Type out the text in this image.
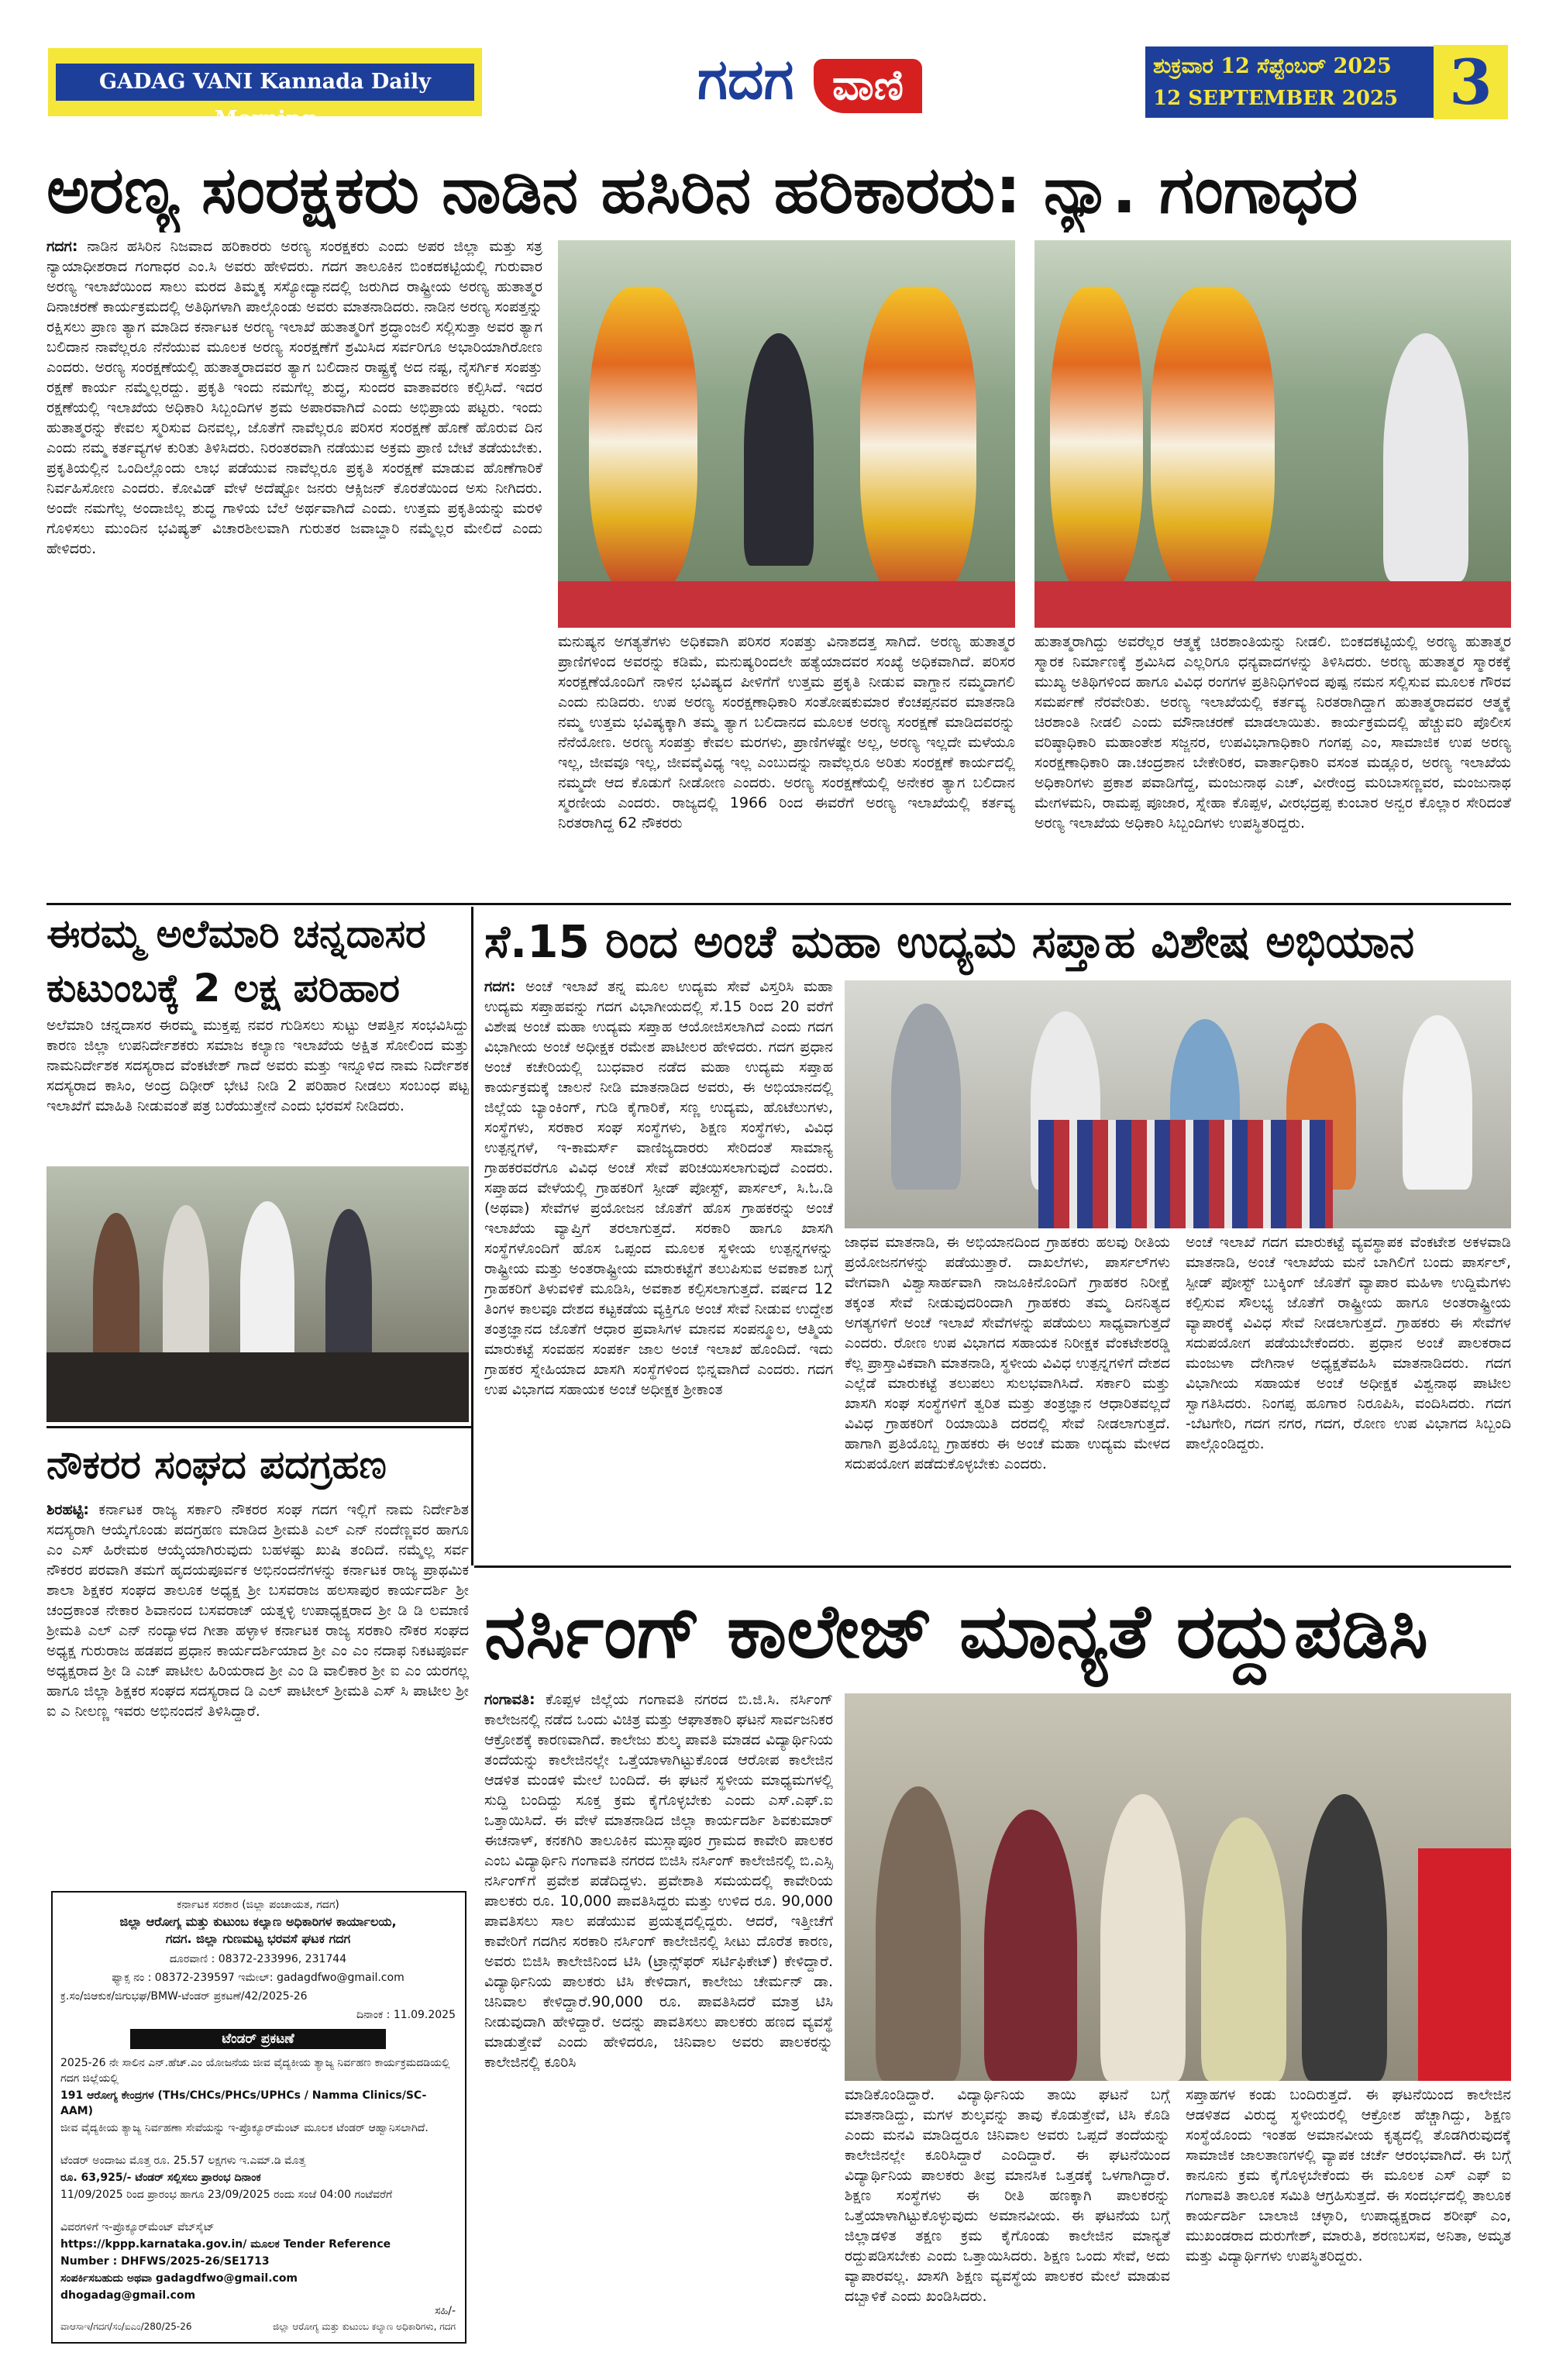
GADAG VANI Kannada Daily Morning
ಗದಗ ವಾಣಿ	ಶುಕ್ರವಾರ 12 ಸೆಪ್ಟೆಂಬರ್ 2025
12 SEPTEMBER 2025 3
ಅರಣ್ಯ ಸಂರಕ್ಷಕರು ನಾಡಿನ ಹಸಿರಿನ ಹರಿಕಾರರು: ನ್ಯಾ. ಗಂಗಾಧರ
ಗದಗ: ನಾಡಿನ ಹಸಿರಿನ ನಿಜವಾದ ಹರಿಕಾರರು ಅರಣ್ಯ ಸಂರಕ್ಷಕರು ಎಂದು ಅಪರ ಜಿಲ್ಲಾ ಮತ್ತು ಸತ್ರ ನ್ಯಾಯಾಧೀಶರಾದ ಗಂಗಾಧರ ಎಂ.ಸಿ ಅವರು ಹೇಳಿದರು. ಗದಗ ತಾಲೂಕಿನ ಬಿಂಕದಕಟ್ಟಿಯಲ್ಲಿ ಗುರುವಾರ ಅರಣ್ಯ ಇಲಾಖೆಯಿಂದ ಸಾಲು ಮರದ ತಿಮ್ಮಕ್ಕ ಸಸ್ಯೋದ್ಯಾನದಲ್ಲಿ ಜರುಗಿದ ರಾಷ್ಟ್ರೀಯ ಅರಣ್ಯ ಹುತಾತ್ಮರ ದಿನಾಚರಣೆ ಕಾರ್ಯಕ್ರಮದಲ್ಲಿ ಅತಿಥಿಗಳಾಗಿ ಪಾಲ್ಗೊಂಡು ಅವರು ಮಾತನಾಡಿದರು. ನಾಡಿನ ಅರಣ್ಯ ಸಂಪತ್ತನ್ನು ರಕ್ಷಿಸಲು ಪ್ರಾಣ ತ್ಯಾಗ ಮಾಡಿದ ಕರ್ನಾಟಕ ಅರಣ್ಯ ಇಲಾಖೆ ಹುತಾತ್ಮರಿಗೆ ಶ್ರದ್ಧಾಂಜಲಿ ಸಲ್ಲಿಸುತ್ತಾ ಅವರ ತ್ಯಾಗ ಬಲಿದಾನ ನಾವೆಲ್ಲರೂ ನೆನೆಯುವ ಮೂಲಕ ಅರಣ್ಯ ಸಂರಕ್ಷಣೆಗೆ ಶ್ರಮಿಸಿದ ಸರ್ವರಿಗೂ ಅಭಾರಿಯಾಗಿರೋಣ ಎಂದರು. ಅರಣ್ಯ ಸಂರಕ್ಷಣೆಯಲ್ಲಿ ಹುತಾತ್ಮರಾದವರ ತ್ಯಾಗ ಬಲಿದಾನ ರಾಷ್ಟ್ರಕ್ಕೆ ಅದ ನಷ್ಟ, ನೈಸರ್ಗಿಕ ಸಂಪತ್ತು ರಕ್ಷಣೆ ಕಾರ್ಯ ನಮ್ಮೆಲ್ಲರದ್ದು. ಪ್ರಕೃತಿ ಇಂದು ನಮಗೆಲ್ಲ ಶುದ್ಧ, ಸುಂದರ ವಾತಾವರಣ ಕಲ್ಪಿಸಿದೆ. ಇದರ ರಕ್ಷಣೆಯಲ್ಲಿ ಇಲಾಖೆಯ ಅಧಿಕಾರಿ ಸಿಬ್ಬಂದಿಗಳ ಶ್ರಮ ಅಪಾರವಾಗಿದೆ ಎಂದು ಅಭಿಪ್ರಾಯ ಪಟ್ಟರು. ಇಂದು ಹುತಾತ್ಮರನ್ನು ಕೇವಲ ಸ್ಮರಿಸುವ ದಿನವಲ್ಲ, ಜೊತೆಗೆ ನಾವೆಲ್ಲರೂ ಪರಿಸರ ಸಂರಕ್ಷಣೆ ಹೊಣೆ ಹೊರುವ ದಿನ ಎಂದು ನಮ್ಮ ಕರ್ತವ್ಯಗಳ ಕುರಿತು ತಿಳಿಸಿದರು. ನಿರಂತರವಾಗಿ ನಡೆಯುವ ಅಕ್ರಮ ಪ್ರಾಣಿ ಬೇಟೆ ತಡೆಯಬೇಕು. ಪ್ರಕೃತಿಯಲ್ಲಿನ ಒಂದಿಲ್ಲೊಂದು ಲಾಭ ಪಡೆಯುವ ನಾವೆಲ್ಲರೂ ಪ್ರಕೃತಿ ಸಂರಕ್ಷಣೆ ಮಾಡುವ ಹೊಣೆಗಾರಿಕೆ ನಿರ್ವಹಿಸೋಣ ಎಂದರು. ಕೋವಿಡ್ ವೇಳೆ ಅದೆಷ್ಟೋ ಜನರು ಆಕ್ಸಿಜನ್ ಕೊರತೆಯಿಂದ ಅಸು ನೀಗಿದರು. ಅಂದೇ ನಮಗೆಲ್ಲ ಅಂದಾಜಿಲ್ಲ ಶುದ್ಧ ಗಾಳಿಯ ಬೆಲೆ ಅರ್ಥವಾಗಿದೆ ಎಂದು. ಉತ್ತಮ ಪ್ರಕೃತಿಯನ್ನು ಮರಳಿ ಗೊಳಿಸಲು ಮುಂದಿನ ಭವಿಷ್ಯತ್ ವಿಚಾರಶೀಲವಾಗಿ ಗುರುತರ ಜವಾಬ್ದಾರಿ ನಮ್ಮೆಲ್ಲರ ಮೇಲಿದೆ ಎಂದು ಹೇಳಿದರು.
ಮನುಷ್ಯನ ಅಗತ್ಯತೆಗಳು ಅಧಿಕವಾಗಿ ಪರಿಸರ ಸಂಪತ್ತು ವಿನಾಶದತ್ತ ಸಾಗಿದೆ. ಅರಣ್ಯ ಹುತಾತ್ಮರ ಪ್ರಾಣಿಗಳಿಂದ ಅವರನ್ನು ಕಡಿಮೆ, ಮನುಷ್ಯರಿಂದಲೇ ಹತ್ಯೆಯಾದವರ ಸಂಖ್ಯೆ ಅಧಿಕವಾಗಿದೆ. ಪರಿಸರ ಸಂರಕ್ಷಣೆಯೊಂದಿಗೆ ನಾಳಿನ ಭವಿಷ್ಯದ ಪೀಳಿಗೆಗೆ ಉತ್ತಮ ಪ್ರಕೃತಿ ನೀಡುವ ವಾಗ್ದಾನ ನಮ್ಮದಾಗಲಿ ಎಂದು ನುಡಿದರು. ಉಪ ಅರಣ್ಯ ಸಂರಕ್ಷಣಾಧಿಕಾರಿ ಸಂತೋಷಕುಮಾರ ಕೆಂಚಪ್ಪನವರ ಮಾತನಾಡಿ ನಮ್ಮ ಉತ್ತಮ ಭವಿಷ್ಯಕ್ಕಾಗಿ ತಮ್ಮ ತ್ಯಾಗ ಬಲಿದಾನದ ಮೂಲಕ ಅರಣ್ಯ ಸಂರಕ್ಷಣೆ ಮಾಡಿದವರನ್ನು ನೆನೆಯೋಣ. ಅರಣ್ಯ ಸಂಪತ್ತು ಕೇವಲ ಮರಗಳು, ಪ್ರಾಣಿಗಳಷ್ಟೇ ಅಲ್ಲ, ಅರಣ್ಯ ಇಲ್ಲದೇ ಮಳೆಯೂ ಇಲ್ಲ, ಜೀವವೂ ಇಲ್ಲ, ಜೀವವೈವಿಧ್ಯ ಇಲ್ಲ ಎಂಬುದನ್ನು ನಾವೆಲ್ಲರೂ ಅರಿತು ಸಂರಕ್ಷಣೆ ಕಾರ್ಯದಲ್ಲಿ ನಮ್ಮದೇ ಆದ ಕೊಡುಗೆ ನೀಡೋಣ ಎಂದರು. ಅರಣ್ಯ ಸಂರಕ್ಷಣೆಯಲ್ಲಿ ಅನೇಕರ ತ್ಯಾಗ ಬಲಿದಾನ ಸ್ಮರಣೀಯ ಎಂದರು. ರಾಜ್ಯದಲ್ಲಿ 1966 ರಿಂದ ಈವರೆಗೆ ಅರಣ್ಯ ಇಲಾಖೆಯಲ್ಲಿ ಕರ್ತವ್ಯ ನಿರತರಾಗಿದ್ದ 62 ನೌಕರರು
ಹುತಾತ್ಮರಾಗಿದ್ದು ಅವರೆಲ್ಲರ ಆತ್ಮಕ್ಕೆ ಚಿರಶಾಂತಿಯನ್ನು ನೀಡಲಿ. ಬಿಂಕದಕಟ್ಟಿಯಲ್ಲಿ ಅರಣ್ಯ ಹುತಾತ್ಮರ ಸ್ಮಾರಕ ನಿರ್ಮಾಣಕ್ಕೆ ಶ್ರಮಿಸಿದ ಎಲ್ಲರಿಗೂ ಧನ್ಯವಾದಗಳನ್ನು ತಿಳಿಸಿದರು. ಅರಣ್ಯ ಹುತಾತ್ಮರ ಸ್ಮಾರಕಕ್ಕೆ ಮುಖ್ಯ ಅತಿಥಿಗಳಿಂದ ಹಾಗೂ ವಿವಿಧ ರಂಗಗಳ ಪ್ರತಿನಿಧಿಗಳಿಂದ ಪುಷ್ಪ ನಮನ ಸಲ್ಲಿಸುವ ಮೂಲಕ ಗೌರವ ಸಮರ್ಪಣೆ ನೆರವೇರಿತು. ಅರಣ್ಯ ಇಲಾಖೆಯಲ್ಲಿ ಕರ್ತವ್ಯ ನಿರತರಾಗಿದ್ದಾಗ ಹುತಾತ್ಮರಾದವರ ಆತ್ಮಕ್ಕೆ ಚಿರಶಾಂತಿ ನೀಡಲಿ ಎಂದು ಮೌನಾಚರಣೆ ಮಾಡಲಾಯಿತು. ಕಾರ್ಯಕ್ರಮದಲ್ಲಿ ಹೆಚ್ಚುವರಿ ಪೊಲೀಸ ವರಿಷ್ಠಾಧಿಕಾರಿ ಮಹಾಂತೇಶ ಸಜ್ಜನರ, ಉಪವಿಭಾಗಾಧಿಕಾರಿ ಗಂಗಪ್ಪ ಎಂ, ಸಾಮಾಜಿಕ ಉಪ ಅರಣ್ಯ ಸಂರಕ್ಷಣಾಧಿಕಾರಿ ಡಾ.ಚಂದ್ರಶಾನ ಬೇಕೇರಿಕರ, ವಾರ್ತಾಧಿಕಾರಿ ವಸಂತ ಮಡ್ಲೂರ, ಅರಣ್ಯ ಇಲಾಖೆಯ ಅಧಿಕಾರಿಗಳು ಪ್ರಕಾಶ ಪವಾಡಿಗೆದ್ದ, ಮಂಜುನಾಥ ಎಚ್, ವೀರೇಂದ್ರ ಮರಿಬಾಸಣ್ಣವರ, ಮಂಜುನಾಥ ಮೇಗಳಮನಿ, ರಾಮಪ್ಪ ಪೂಜಾರ, ಸ್ನೇಹಾ ಕೊಪ್ಪಳ, ವೀರಭದ್ರಪ್ಪ ಕುಂಬಾರ ಅನ್ವರ ಕೊಲ್ಲಾರ ಸೇರಿದಂತೆ ಅರಣ್ಯ ಇಲಾಖೆಯ ಅಧಿಕಾರಿ ಸಿಬ್ಬಂದಿಗಳು ಉಪಸ್ಥಿತರಿದ್ದರು.
ಈರಮ್ಮ ಅಲೆಮಾರಿ ಚನ್ನದಾಸರ
ಕುಟುಂಬಕ್ಕೆ 2 ಲಕ್ಷ ಪರಿಹಾರ
ಅಲೆಮಾರಿ ಚನ್ನದಾಸರ ಈರಮ್ಮ ಮುಕ್ತಪ್ಪ ನವರ ಗುಡಿಸಲು ಸುಟ್ಟು ಆಪತ್ತಿನ ಸಂಭವಿಸಿದ್ದು ಕಾರಣ ಜಿಲ್ಲಾ ಉಪನಿರ್ದೇಶಕರು ಸಮಾಜ ಕಲ್ಯಾಣ ಇಲಾಖೆಯ ಅಕ್ಷಿತ ಸೋಲಿಂದ ಮತ್ತು ನಾಮನಿರ್ದೇಶಕ ಸದಸ್ಯರಾದ ವೆಂಕಟೇಶ್ ಗಾದೆ ಅವರು ಮತ್ತು ಇನ್ನೂಳಿದ ನಾಮ ನಿರ್ದೇಶಕ ಸದಸ್ಯರಾದ ಕಾಸಿಂ, ಅಂದ್ರ ದಿಢೀರ್ ಭೇಟಿ ನೀಡಿ 2 ಪರಿಹಾರ ನೀಡಲು ಸಂಬಂಧ ಪಟ್ಟ ಇಲಾಖೆಗೆ ಮಾಹಿತಿ ನೀಡುವಂತೆ ಪತ್ರ ಬರೆಯುತ್ತೇನೆ ಎಂದು ಭರವಸೆ ನೀಡಿದರು.
ಸೆ.15 ರಿಂದ ಅಂಚೆ ಮಹಾ ಉದ್ಯಮ ಸಪ್ತಾಹ ವಿಶೇಷ ಅಭಿಯಾನ
ಗದಗ: ಅಂಚೆ ಇಲಾಖೆ ತನ್ನ ಮೂಲ ಉದ್ಯಮ ಸೇವೆ ವಿಸ್ತರಿಸಿ ಮಹಾ ಉದ್ಯಮ ಸಪ್ತಾಹವನ್ನು ಗದಗ ವಿಭಾಗೀಯದಲ್ಲಿ ಸೆ.15 ರಿಂದ 20 ವರೆಗೆ ವಿಶೇಷ ಅಂಚೆ ಮಹಾ ಉದ್ಯಮ ಸಪ್ತಾಹ ಆಯೋಜಿಸಲಾಗಿದೆ ಎಂದು ಗದಗ ವಿಭಾಗೀಯ ಅಂಚೆ ಅಧೀಕ್ಷಕ ರಮೇಶ ಪಾಟೀಲರ ಹೇಳಿದರು. ಗದಗ ಪ್ರಧಾನ ಅಂಚೆ ಕಚೇರಿಯಲ್ಲಿ ಬುಧವಾರ ನಡೆದ ಮಹಾ ಉದ್ಯಮ ಸಪ್ತಾಹ ಕಾರ್ಯಕ್ರಮಕ್ಕೆ ಚಾಲನೆ ನೀಡಿ ಮಾತನಾಡಿದ ಅವರು, ಈ ಅಭಿಯಾನದಲ್ಲಿ ಜಿಲ್ಲೆಯ ಬ್ಯಾಂಕಿಂಗ್, ಗುಡಿ ಕೈಗಾರಿಕೆ, ಸಣ್ಣ ಉದ್ಯಮ, ಹೊಟೆಲುಗಳು, ಸಂಸ್ಥೆಗಳು, ಸರಕಾರ ಸಂಘ ಸಂಸ್ಥೆಗಳು, ಶಿಕ್ಷಣ ಸಂಸ್ಥೆಗಳು, ವಿವಿಧ ಉತ್ಪನ್ನಗಳೆ, ಇ-ಕಾಮರ್ಸ್ ವಾಣಿಜ್ಯದಾರರು ಸೇರಿದಂತೆ ಸಾಮಾನ್ಯ ಗ್ರಾಹಕರವರೆಗೂ ವಿವಿಧ ಅಂಚೆ ಸೇವೆ ಪರಿಚಯಿಸಲಾಗುವುದೆ ಎಂದರು. ಸಪ್ತಾಹದ ವೇಳೆಯಲ್ಲಿ ಗ್ರಾಹಕರಿಗೆ ಸ್ಪೀಡ್ ಪೋಸ್ಟ್, ಪಾರ್ಸಲ್, ಸಿ.ಓ.ಡಿ (ಅಥವಾ) ಸೇವೆಗಳ ಪ್ರಯೋಜನ ಜೊತೆಗೆ ಹೊಸ ಗ್ರಾಹಕರನ್ನು ಅಂಚೆ ಇಲಾಖೆಯ ವ್ಯಾಪ್ತಿಗೆ ತರಲಾಗುತ್ತದೆ. ಸರಕಾರಿ ಹಾಗೂ ಖಾಸಗಿ ಸಂಸ್ಥೆಗಳೊಂದಿಗೆ ಹೊಸ ಒಪ್ಪಂದ ಮೂಲಕ ಸ್ಥಳೀಯ ಉತ್ಪನ್ನಗಳನ್ನು ರಾಷ್ಟ್ರೀಯ ಮತ್ತು ಅಂತರಾಷ್ಟ್ರೀಯ ಮಾರುಕಟ್ಟೆಗೆ ತಲುಪಿಸುವ ಅವಕಾಶ ಬಗ್ಗೆ ಗ್ರಾಹಕರಿಗೆ ತಿಳುವಳಿಕೆ ಮೂಡಿಸಿ, ಅವಕಾಶ ಕಲ್ಪಿಸಲಾಗುತ್ತದೆ. ವರ್ಷದ 12 ತಿಂಗಳ ಕಾಲವೂ ದೇಶದ ಕಟ್ಟಕಡೆಯ ವ್ಯಕ್ತಿಗೂ ಅಂಚೆ ಸೇವೆ ನೀಡುವ ಉದ್ದೇಶ ತಂತ್ರಜ್ಞಾನದ ಜೊತೆಗೆ ಆಧಾರ ಪ್ರವಾಸಿಗಳ ಮಾನವ ಸಂಪನ್ಮೂಲ, ಆತ್ಮಿಯ ಮಾರುಕಟ್ಟೆ ಸಂವಹನ ಸಂಪರ್ಕ ಜಾಲ ಅಂಚೆ ಇಲಾಖೆ ಹೊಂದಿದೆ. ಇದು ಗ್ರಾಹಕರ ಸ್ನೇಹಿಯಾದ ಖಾಸಗಿ ಸಂಸ್ಥೆಗಳಿಂದ ಭಿನ್ನವಾಗಿದೆ ಎಂದರು. ಗದಗ ಉಪ ವಿಭಾಗದ ಸಹಾಯಕ ಅಂಚೆ ಅಧೀಕ್ಷಕ ಶ್ರೀಕಾಂತ
ಜಾಧವ ಮಾತನಾಡಿ, ಈ ಅಭಿಯಾನದಿಂದ ಗ್ರಾಹಕರು ಹಲವು ರೀತಿಯ ಪ್ರಯೋಜನಗಳನ್ನು ಪಡೆಯುತ್ತಾರೆ. ದಾಖಲೆಗಳು, ಪಾರ್ಸಲ್‌ಗಳು ವೇಗವಾಗಿ ವಿಶ್ವಾಸಾರ್ಹವಾಗಿ ನಾಜೂಕಿನೊಂದಿಗೆ ಗ್ರಾಹಕರ ನಿರೀಕ್ಷೆ ತಕ್ಕಂತ ಸೇವೆ ನೀಡುವುದರಿಂದಾಗಿ ಗ್ರಾಹಕರು ತಮ್ಮ ದಿನನಿತ್ಯದ ಅಗತ್ಯಗಳಿಗೆ ಅಂಚೆ ಇಲಾಖೆ ಸೇವೆಗಳನ್ನು ಪಡೆಯಲು ಸಾಧ್ಯವಾಗುತ್ತದೆ ಎಂದರು. ರೋಣ ಉಪ ವಿಭಾಗದ ಸಹಾಯಕ ನಿರೀಕ್ಷಕ ವೆಂಕಟೇಶರಡ್ಡಿ ಕೆಲ್ಲ ಪ್ರಾಸ್ತಾವಿಕವಾಗಿ ಮಾತನಾಡಿ, ಸ್ಥಳೀಯ ವಿವಿಧ ಉತ್ಪನ್ನಗಳಿಗೆ ದೇಶದ ಎಲ್ಲೆಡೆ ಮಾರುಕಟ್ಟೆ ತಲುಪಲು ಸುಲಭವಾಗಿಸಿದೆ. ಸರ್ಕಾರಿ ಮತ್ತು ಖಾಸಗಿ ಸಂಘ ಸಂಸ್ಥೆಗಳಿಗೆ ತ್ವರಿತ ಮತ್ತು ತಂತ್ರಜ್ಞಾನ ಆಧಾರಿತವಲ್ಲದೆ ವಿವಿಧ ಗ್ರಾಹಕರಿಗೆ ರಿಯಾಯಿತಿ ದರದಲ್ಲಿ ಸೇವೆ ನೀಡಲಾಗುತ್ತದೆ. ಹಾಗಾಗಿ ಪ್ರತಿಯೊಬ್ಬ ಗ್ರಾಹಕರು ಈ ಅಂಚೆ ಮಹಾ ಉದ್ಯಮ ಮೇಳದ ಸದುಪಯೋಗ ಪಡೆದುಕೊಳ್ಳಬೇಕು ಎಂದರು.
ಅಂಚೆ ಇಲಾಖೆ ಗದಗ ಮಾರುಕಟ್ಟೆ ವ್ಯವಸ್ಥಾಪಕ ವೆಂಕಟೇಶ ಅಕಳವಾಡಿ ಮಾತನಾಡಿ, ಅಂಚೆ ಇಲಾಖೆಯ ಮನೆ ಬಾಗಿಲಿಗೆ ಬಂದು ಪಾರ್ಸಲ್, ಸ್ಪೀಡ್ ಪೋಸ್ಟ್ ಬುಕ್ಕಿಂಗ್ ಜೊತೆಗೆ ವ್ಯಾಪಾರ ಮಹಿಳಾ ಉದ್ದಿಮೆಗಳು ಕಲ್ಪಿಸುವ ಸೌಲಭ್ಯ ಜೊತೆಗೆ ರಾಷ್ಟ್ರೀಯ ಹಾಗೂ ಅಂತರಾಷ್ಟ್ರೀಯ ವ್ಯಾಪಾರಕ್ಕೆ ವಿವಿಧ ಸೇವೆ ನೀಡಲಾಗುತ್ತದೆ. ಗ್ರಾಹಕರು ಈ ಸೇವೆಗಳ ಸದುಪಯೋಗ ಪಡೆಯಬೇಕೆಂದರು. ಪ್ರಧಾನ ಅಂಚೆ ಪಾಲಕರಾದ ಮಂಜುಳಾ ದೇಗಿನಾಳ ಅಧ್ಯಕ್ಷತೆವಹಿಸಿ ಮಾತನಾಡಿದರು. ಗದಗ ವಿಭಾಗೀಯ ಸಹಾಯಕ ಅಂಚೆ ಅಧೀಕ್ಷಕ ವಿಶ್ವನಾಥ ಪಾಟೀಲ ಸ್ವಾಗತಿಸಿದರು. ನಿಂಗಪ್ಪ ಹೂಗಾರ ನಿರೂಪಿಸಿ, ವಂದಿಸಿದರು. ಗದಗ -ಬೆಟಗೇರಿ, ಗದಗ ನಗರ, ಗದಗ, ರೋಣ ಉಪ ವಿಭಾಗದ ಸಿಬ್ಬಂದಿ ಪಾಲ್ಗೊಂಡಿದ್ದರು.
ನೌಕರರ ಸಂಘದ ಪದಗ್ರಹಣ
ಶಿರಹಟ್ಟಿ: ಕರ್ನಾಟಕ ರಾಜ್ಯ ಸರ್ಕಾರಿ ನೌಕರರ ಸಂಘ ಗದಗ ಇಲ್ಲಿಗೆ ನಾಮ ನಿರ್ದೇಶಿತ ಸದಸ್ಯರಾಗಿ ಆಯ್ಕೆಗೊಂಡು ಪದಗ್ರಹಣ ಮಾಡಿದ ಶ್ರೀಮತಿ ಎಲ್ ಎನ್ ನಂದೆಣ್ಣವರ ಹಾಗೂ ಎಂ ಎಸ್ ಹಿರೇಮಠ ಆಯ್ಕೆಯಾಗಿರುವುದು ಬಹಳಷ್ಟು ಖುಷಿ ತಂದಿದೆ. ನಮ್ಮೆಲ್ಲ ಸರ್ವ ನೌಕರರ ಪರವಾಗಿ ತಮಗೆ ಹೃದಯಪೂರ್ವಕ ಅಭಿನಂದನೆಗಳನ್ನು ಕರ್ನಾಟಕ ರಾಜ್ಯ ಪ್ರಾಥಮಿಕ ಶಾಲಾ ಶಿಕ್ಷಕರ ಸಂಘದ ತಾಲೂಕ ಅಧ್ಯಕ್ಷ ಶ್ರೀ ಬಸವರಾಜ ಹಲಸಾಪುರ ಕಾರ್ಯದರ್ಶಿ ಶ್ರೀ ಚಂದ್ರಕಾಂತ ನೇಕಾರ ಶಿವಾನಂದ ಬಸವರಾಜ್ ಯತ್ನಳ್ಳಿ ಉಪಾಧ್ಯಕ್ಷರಾದ ಶ್ರೀ ಡಿ ಡಿ ಲಮಾಣಿ ಶ್ರೀಮತಿ ಎಲ್ ಎನ್ ನಂದ್ಯಾಳದ ಗೀತಾ ಹಳ್ಳಾಳ ಕರ್ನಾಟಕ ರಾಜ್ಯ ಸರಕಾರಿ ನೌಕರ ಸಂಘದ ಅಧ್ಯಕ್ಷ ಗುರುರಾಜ ಹಡಪದ ಪ್ರಧಾನ ಕಾರ್ಯದರ್ಶಿಯಾದ ಶ್ರೀ ಎಂ ಎಂ ನದಾಫ ನಿಕಟಪೂರ್ವ ಅಧ್ಯಕ್ಷರಾದ ಶ್ರೀ ಡಿ ಎಚ್ ಪಾಟೀಲ ಹಿರಿಯರಾದ ಶ್ರೀ ಎಂ ಡಿ ವಾಲಿಕಾರ ಶ್ರೀ ಐ ಎಂ ಯರಗಲ್ಲ ಹಾಗೂ ಜಿಲ್ಲಾ ಶಿಕ್ಷಕರ ಸಂಘದ ಸದಸ್ಯರಾದ ಡಿ ಎಲ್ ಪಾಟೀಲ್ ಶ್ರೀಮತಿ ಎಸ್ ಸಿ ಪಾಟೀಲ ಶ್ರೀ ಐ ಎ ನೀಲಣ್ಣ ಇವರು ಅಭಿನಂದನೆ ತಿಳಿಸಿದ್ದಾರೆ.
ಕರ್ನಾಟಕ ಸರಕಾರ (ಜಿಲ್ಲಾ ಪಂಚಾಯತ, ಗದಗ)
ಜಿಲ್ಲಾ ಆರೋಗ್ಯ ಮತ್ತು ಕುಟುಂಬ ಕಲ್ಯಾಣ ಅಧಿಕಾರಿಗಳ ಕಾರ್ಯಾಲಯ,
ಗದಗ. ಜಿಲ್ಲಾ ಗುಣಮಟ್ಟ ಭರವಸೆ ಘಟಕ ಗದಗ
ದೂರವಾಣಿ : 08372-233996, 231744
ಫ್ಯಾಕ್ಸ ನಂ : 08372-239597 ಇಮೇಲ್: gadagdfwo@gmail.com
ಕ್ರ.ಸಂ/ಜಿಆಕುಕ/ಜಿಗುಭಘ/BMW-ಟೆಂಡರ್ ಪ್ರಕಟಣೆ/42/2025-26
ದಿನಾಂಕ : 11.09.2025
ಟೆಂಡರ್ ಪ್ರಕಟಣೆ
2025-26 ನೇ ಸಾಲಿನ ಎನ್.ಹೆಚ್.ಎಂ ಯೋಜನೆಯ ಜೀವ ವೈದ್ಯಕೀಯ ತ್ಯಾಜ್ಯ ನಿರ್ವಹಣ ಕಾರ್ಯಕ್ರಮದಡಿಯಲ್ಲಿ ಗದಗ ಜಿಲ್ಲೆಯಲ್ಲಿ
191 ಆರೋಗ್ಯ ಕೇಂದ್ರಗಳ (THs/CHCs/PHCs/UPHCs / Namma Clinics/SC-AAM)
ಜೀವ ವೈದ್ಯಕೀಯ ತ್ಯಾಜ್ಯ ನಿರ್ವಹಣಾ ಸೇವೆಯನ್ನು ಇ-ಪ್ರೊಕ್ಯೂರ್‌ಮೆಂಟ್ ಮೂಲಕ ಟೆಂಡರ್ ಆಹ್ವಾನಿಸಲಾಗಿದೆ.
ಟೆಂಡರ್ ಅಂದಾಜು ಮೊತ್ತ ರೂ. 25.57 ಲಕ್ಷಗಳು ಇ.ಎಮ್.ಡಿ ಮೊತ್ತ
ರೂ. 63,925/- ಟೆಂಡರ್ ಸಲ್ಲಿಸಲು ಪ್ರಾರಂಭ ದಿನಾಂಕ
11/09/2025 ರಿಂದ ಪ್ರಾರಂಭ ಹಾಗೂ 23/09/2025 ರಂದು ಸಂಜೆ 04:00 ಗಂಟೆವರೆಗೆ
ವಿವರಗಳಿಗೆ ಇ-ಪ್ರೊಕ್ಯೂರ್‌ಮೆಂಟ್ ವೆಬ್‌ಸೈಟ್
https://kppp.karnataka.gov.in/ ಮೂಲಕ Tender Reference
Number : DHFWS/2025-26/SE1713
ಸಂಪರ್ಕಿಸಬಹುದು ಅಥವಾ gadagdfwo@gmail.com
dhogadag@gmail.com
ಸಹಿ/-
ಜಿಲ್ಲಾ ಆರೋಗ್ಯ ಮತ್ತು ಕುಟುಂಬ ಕಲ್ಯಾಣ ಅಧಿಕಾರಿಗಳು, ಗದಗ
ವಾಆಸಾಇ/ಗದಗ/ಸಂ/ಐಎಂ/280/25-26
ನರ್ಸಿಂಗ್ ಕಾಲೇಜ್ ಮಾನ್ಯತೆ ರದ್ದುಪಡಿಸಿ
ಗಂಗಾವತಿ: ಕೊಪ್ಪಳ ಜಿಲ್ಲೆಯ ಗಂಗಾವತಿ ನಗರದ ಬಿ.ಜಿ.ಸಿ. ನರ್ಸಿಂಗ್ ಕಾಲೇಜನಲ್ಲಿ ನಡೆದ ಒಂದು ವಿಚಿತ್ರ ಮತ್ತು ಆಘಾತಕಾರಿ ಘಟನೆ ಸಾರ್ವಜನಿಕರ ಆಕ್ರೋಶಕ್ಕೆ ಕಾರಣವಾಗಿದೆ. ಕಾಲೇಜು ಶುಲ್ಕ ಪಾವತಿ ಮಾಡದ ವಿದ್ಯಾರ್ಥಿನಿಯ ತಂದೆಯನ್ನು ಕಾಲೇಜಿನಲ್ಲೇ ಒತ್ತೆಯಾಳಾಗಿಟ್ಟುಕೊಂಡ ಆರೋಪ ಕಾಲೇಜಿನ ಆಡಳಿತ ಮಂಡಳಿ ಮೇಲೆ ಬಂದಿದೆ. ಈ ಘಟನೆ ಸ್ಥಳೀಯ ಮಾಧ್ಯಮಗಳಲ್ಲಿ ಸುದ್ದಿ ಬಂದಿದ್ದು ಸೂಕ್ತ ಕ್ರಮ ಕೈಗೊಳ್ಳಬೇಕು ಎಂದು ಎಸ್.ಎಫ್.ಐ ಒತ್ತಾಯಿಸಿದೆ. ಈ ವೇಳೆ ಮಾತನಾಡಿದ ಜಿಲ್ಲಾ ಕಾರ್ಯದರ್ಶಿ ಶಿವಕುಮಾರ್ ಈಚನಾಳ್, ಕನಕಗಿರಿ ತಾಲೂಕಿನ ಮುಸ್ಲಾಪೂರ ಗ್ರಾಮದ ಕಾವೇರಿ ಪಾಲಕರ ಎಂಬ ವಿದ್ಯಾರ್ಥಿನಿ ಗಂಗಾವತಿ ನಗರದ ಬಿಜಿಸಿ ನರ್ಸಿಂಗ್ ಕಾಲೇಜಿನಲ್ಲಿ ಬಿ.ಎಸ್ಸಿ ನರ್ಸಿಂಗ್‌ಗೆ ಪ್ರವೇಶ ಪಡೆದಿದ್ದಳು. ಪ್ರವೇಶಾತಿ ಸಮಯದಲ್ಲಿ ಕಾವೇರಿಯ ಪಾಲಕರು ರೂ. 10,000 ಪಾವತಿಸಿದ್ದರು ಮತ್ತು ಉಳಿದ ರೂ. 90,000 ಪಾವತಿಸಲು ಸಾಲ ಪಡೆಯುವ ಪ್ರಯತ್ನದಲ್ಲಿದ್ದರು. ಆದರೆ, ಇತ್ತೀಚೆಗೆ ಕಾವೇರಿಗೆ ಗದಗಿನ ಸರಕಾರಿ ನರ್ಸಿಂಗ್ ಕಾಲೇಜಿನಲ್ಲಿ ಸೀಟು ದೊರೆತ ಕಾರಣ, ಅವರು ಬಿಜಿಸಿ ಕಾಲೇಜಿನಿಂದ ಟಿಸಿ (ಟ್ರಾನ್ಸ್‌ಫರ್ ಸರ್ಟಿಫಿಕೇಟ್) ಕೇಳಿದ್ದಾರೆ. ವಿದ್ಯಾರ್ಥಿನಿಯ ಪಾಲಕರು ಟಿಸಿ ಕೇಳಿದಾಗ, ಕಾಲೇಜು ಚೇರ್ಮನ್ ಡಾ. ಚಿನಿವಾಲ ಕೇಳಿದ್ದಾರೆ.90,000 ರೂ. ಪಾವತಿಸಿದರೆ ಮಾತ್ರ ಟಿಸಿ ನೀಡುವುದಾಗಿ ಹೇಳಿದ್ದಾರೆ. ಅದನ್ನು ಪಾವತಿಸಲು ಪಾಲಕರು ಹಣದ ವ್ಯವಸ್ಥೆ ಮಾಡುತ್ತೇವೆ ಎಂದು ಹೇಳಿದರೂ, ಚಿನಿವಾಲ ಅವರು ಪಾಲಕರನ್ನು ಕಾಲೇಜಿನಲ್ಲಿ ಕೂರಿಸಿ
ಮಾಡಿಕೊಂಡಿದ್ದಾರೆ. ವಿದ್ಯಾರ್ಥಿನಿಯ ತಾಯಿ ಘಟನೆ ಬಗ್ಗೆ ಮಾತನಾಡಿದ್ದು, ಮಗಳ ಶುಲ್ಕವನ್ನು ತಾವು ಕೊಡುತ್ತೇವೆ, ಟಿಸಿ ಕೊಡಿ ಎಂದು ಮನವಿ ಮಾಡಿದ್ದರೂ ಚಿನಿವಾಲ ಅವರು ಒಪ್ಪದೆ ತಂದೆಯನ್ನು ಕಾಲೇಜಿನಲ್ಲೇ ಕೂರಿಸಿದ್ದಾರೆ ಎಂದಿದ್ದಾರೆ. ಈ ಘಟನೆಯಿಂದ ವಿದ್ಯಾರ್ಥಿನಿಯ ಪಾಲಕರು ತೀವ್ರ ಮಾನಸಿಕ ಒತ್ತಡಕ್ಕೆ ಒಳಗಾಗಿದ್ದಾರೆ. ಶಿಕ್ಷಣ ಸಂಸ್ಥೆಗಳು ಈ ರೀತಿ ಹಣಕ್ಕಾಗಿ ಪಾಲಕರನ್ನು ಒತ್ತೆಯಾಳಾಗಿಟ್ಟುಕೊಳ್ಳುವುದು ಅಮಾನವೀಯ. ಈ ಘಟನೆಯ ಬಗ್ಗೆ ಜಿಲ್ಲಾಡಳಿತ ತಕ್ಷಣ ಕ್ರಮ ಕೈಗೊಂಡು ಕಾಲೇಜಿನ ಮಾನ್ಯತೆ ರದ್ದುಪಡಿಸಬೇಕು ಎಂದು ಒತ್ತಾಯಿಸಿದರು. ಶಿಕ್ಷಣ ಒಂದು ಸೇವೆ, ಅದು ವ್ಯಾಪಾರವಲ್ಲ. ಖಾಸಗಿ ಶಿಕ್ಷಣ ವ್ಯವಸ್ಥೆಯ ಪಾಲಕರ ಮೇಲೆ ಮಾಡುವ ದಬ್ಬಾಳಿಕೆ ಎಂದು ಖಂಡಿಸಿದರು.
ಸಪ್ತಾಹಗಳ ಕಂಡು ಬಂದಿರುತ್ತದೆ. ಈ ಘಟನೆಯಿಂದ ಕಾಲೇಜಿನ ಆಡಳಿತದ ವಿರುದ್ಧ ಸ್ಥಳೀಯರಲ್ಲಿ ಆಕ್ರೋಶ ಹೆಚ್ಚಾಗಿದ್ದು, ಶಿಕ್ಷಣ ಸಂಸ್ಥೆಯೊಂದು ಇಂತಹ ಅಮಾನವೀಯ ಕೃತ್ಯದಲ್ಲಿ ತೊಡಗಿರುವುದಕ್ಕೆ ಸಾಮಾಜಿಕ ಜಾಲತಾಣಗಳಲ್ಲಿ ವ್ಯಾಪಕ ಚರ್ಚೆ ಆರಂಭವಾಗಿದೆ. ಈ ಬಗ್ಗೆ ಕಾನೂನು ಕ್ರಮ ಕೈಗೊಳ್ಳಬೇಕೆಂದು ಈ ಮೂಲಕ ಎಸ್ ಎಫ್ ಐ ಗಂಗಾವತಿ ತಾಲೂಕ ಸಮಿತಿ ಆಗ್ರಹಿಸುತ್ತದೆ. ಈ ಸಂದರ್ಭದಲ್ಲಿ ತಾಲೂಕ ಕಾರ್ಯದರ್ಶಿ ಬಾಲಾಜಿ ಚಳ್ಳಾರಿ, ಉಪಾಧ್ಯಕ್ಷರಾದ ಶರೀಫ್ ಎಂ, ಮುಖಂಡರಾದ ದುರುಗೇಶ್, ಮಾರುತಿ, ಶರಣಬಸವ, ಅನಿತಾ, ಅಮೃತ ಮತ್ತು ವಿದ್ಯಾರ್ಥಿಗಳು ಉಪಸ್ಥಿತರಿದ್ದರು.
